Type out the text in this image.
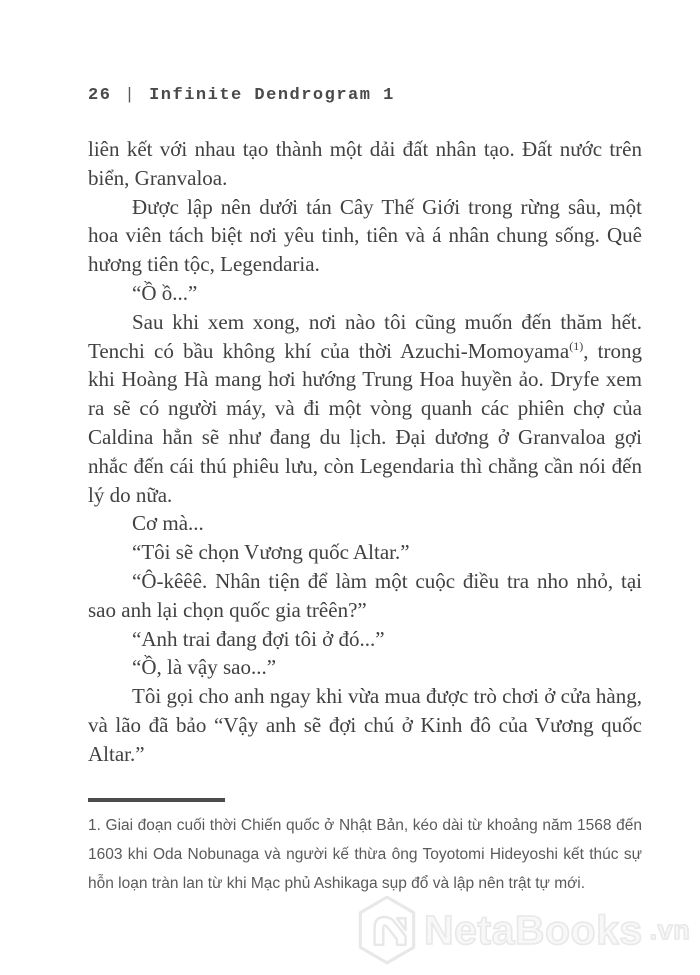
26 | Infinite Dendrogram 1

liên kết với nhau tạo thành một dải đất nhân tạo. Đất nước trên biển, Granvaloa.

Được lập nên dưới tán Cây Thế Giới trong rừng sâu, một hoa viên tách biệt nơi yêu tinh, tiên và á nhân chung sống. Quê hương tiên tộc, Legendaria.

“Ồ ồ...”

Sau khi xem xong, nơi nào tôi cũng muốn đến thăm hết. Tenchi có bầu không khí của thời Azuchi-Momoyama$^{(1)}$, trong khi Hoàng Hà mang hơi hướng Trung Hoa huyền ảo. Dryfe xem ra sẽ có người máy, và đi một vòng quanh các phiên chợ của Caldina hẳn sẽ như đang du lịch. Đại dương ở Granvaloa gợi nhắc đến cái thú phiêu lưu, còn Legendaria thì chẳng cần nói đến lý do nữa.

Cơ mà...

“Tôi sẽ chọn Vương quốc Altar.”

“Ô-kêêê. Nhân tiện để làm một cuộc điều tra nho nhỏ, tại sao anh lại chọn quốc gia trêên?”

“Anh trai đang đợi tôi ở đó...”

“Ồ, là vậy sao...”

Tôi gọi cho anh ngay khi vừa mua được trò chơi ở cửa hàng, và lão đã bảo “Vậy anh sẽ đợi chú ở Kinh đô của Vương quốc Altar.”

1. Giai đoạn cuối thời Chiến quốc ở Nhật Bản, kéo dài từ khoảng năm 1568 đến 1603 khi Oda Nobunaga và người kế thừa ông Toyotomi Hideyoshi kết thúc sự hỗn loạn tràn lan từ khi Mạc phủ Ashikaga sụp đổ và lập nên trật tự mới.
NetaBooks .vn
